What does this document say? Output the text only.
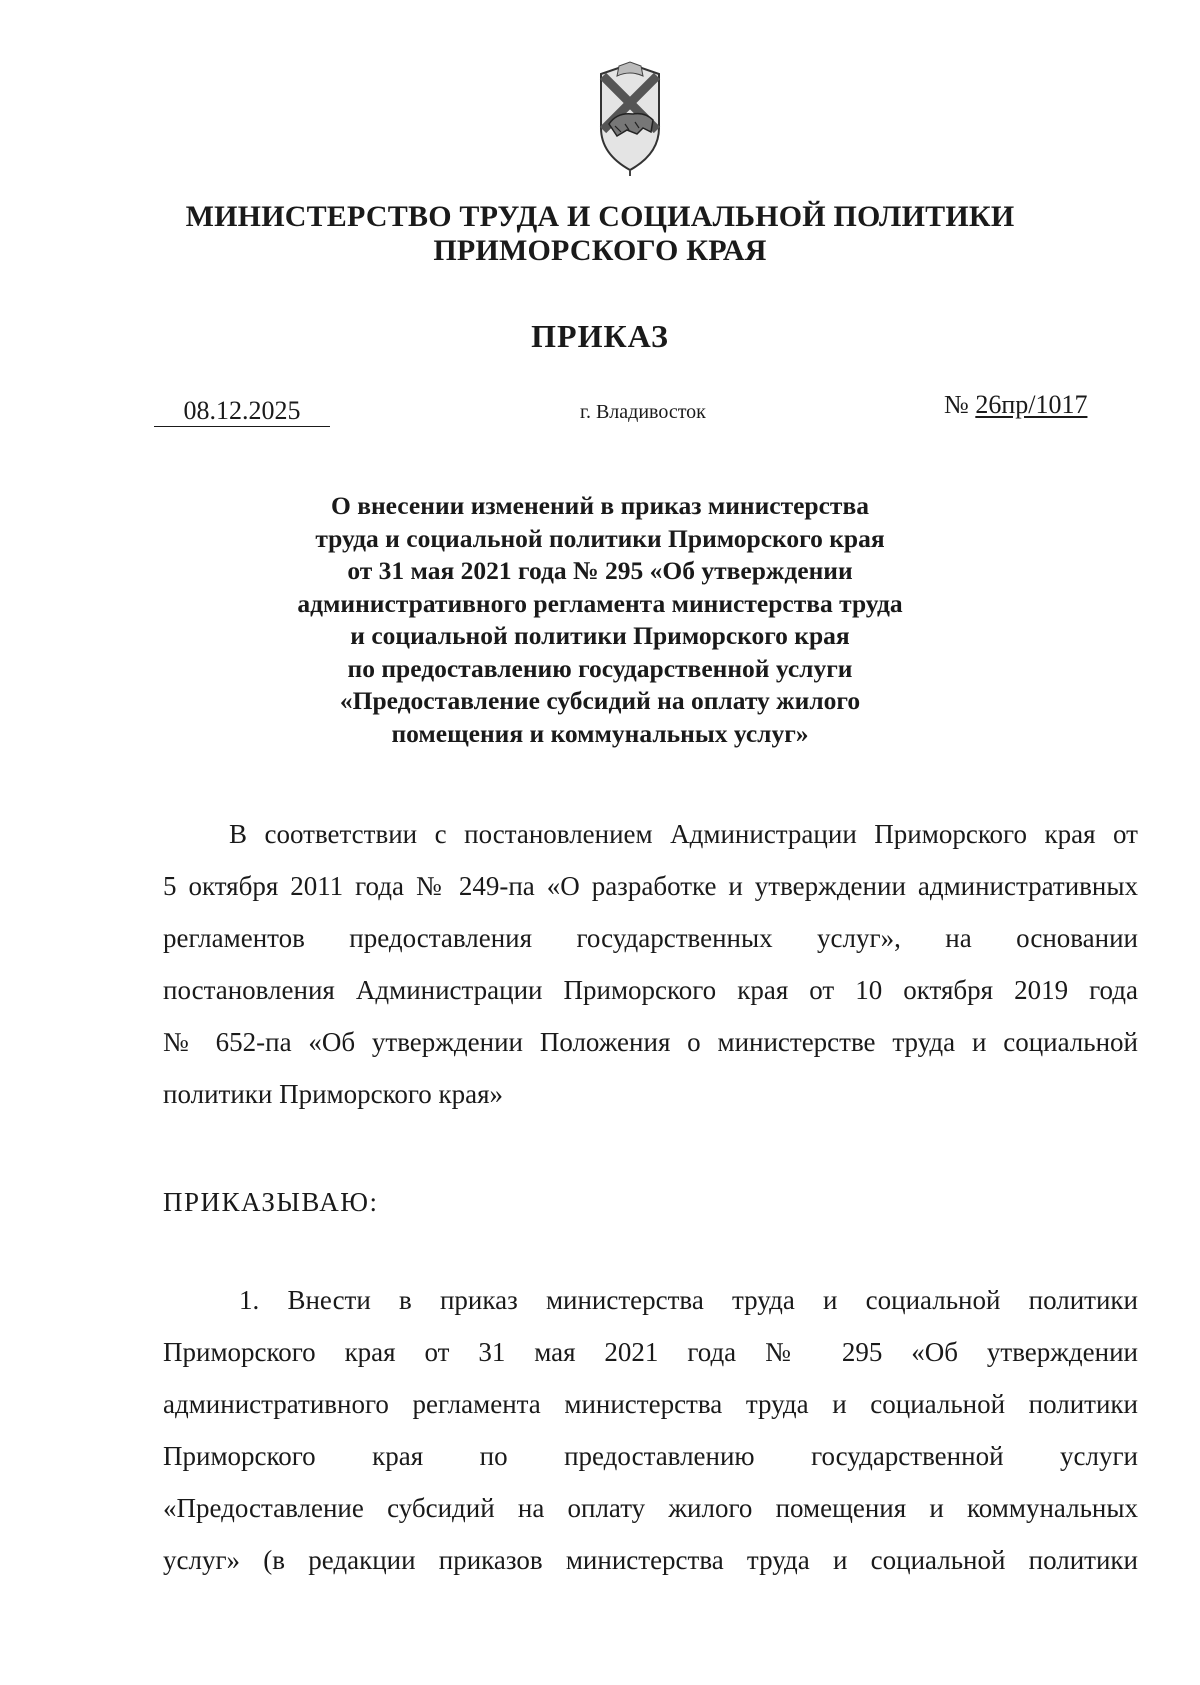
МИНИСТЕРСТВО ТРУДА И СОЦИАЛЬНОЙ ПОЛИТИКИ
ПРИМОРСКОГО КРАЯ
ПРИКАЗ
08.12.2025	г. Владивосток	№ 26пр/1017
О внесении изменений в приказ министерства
труда и социальной политики Приморского края
от 31 мая 2021 года № 295 «Об утверждении
административного регламента министерства труда
и социальной политики Приморского края
по предоставлению государственной услуги
«Предоставление субсидий на оплату жилого
помещения и коммунальных услуг»
В соответствии с постановлением Администрации Приморского края от
5 октября 2011 года № 249-па «О разработке и утверждении административных
регламентов предоставления государственных услуг», на основании
постановления Администрации Приморского края от 10 октября 2019 года
№ 652-па «Об утверждении Положения о министерстве труда и социальной
политики Приморского края»
ПРИКАЗЫВАЮ:
1. Внести в приказ министерства труда и социальной политики
Приморского края от 31 мая 2021 года № 295 «Об утверждении
административного регламента министерства труда и социальной политики
Приморского края по предоставлению государственной услуги
«Предоставление субсидий на оплату жилого помещения и коммунальных
услуг» (в редакции приказов министерства труда и социальной политики
